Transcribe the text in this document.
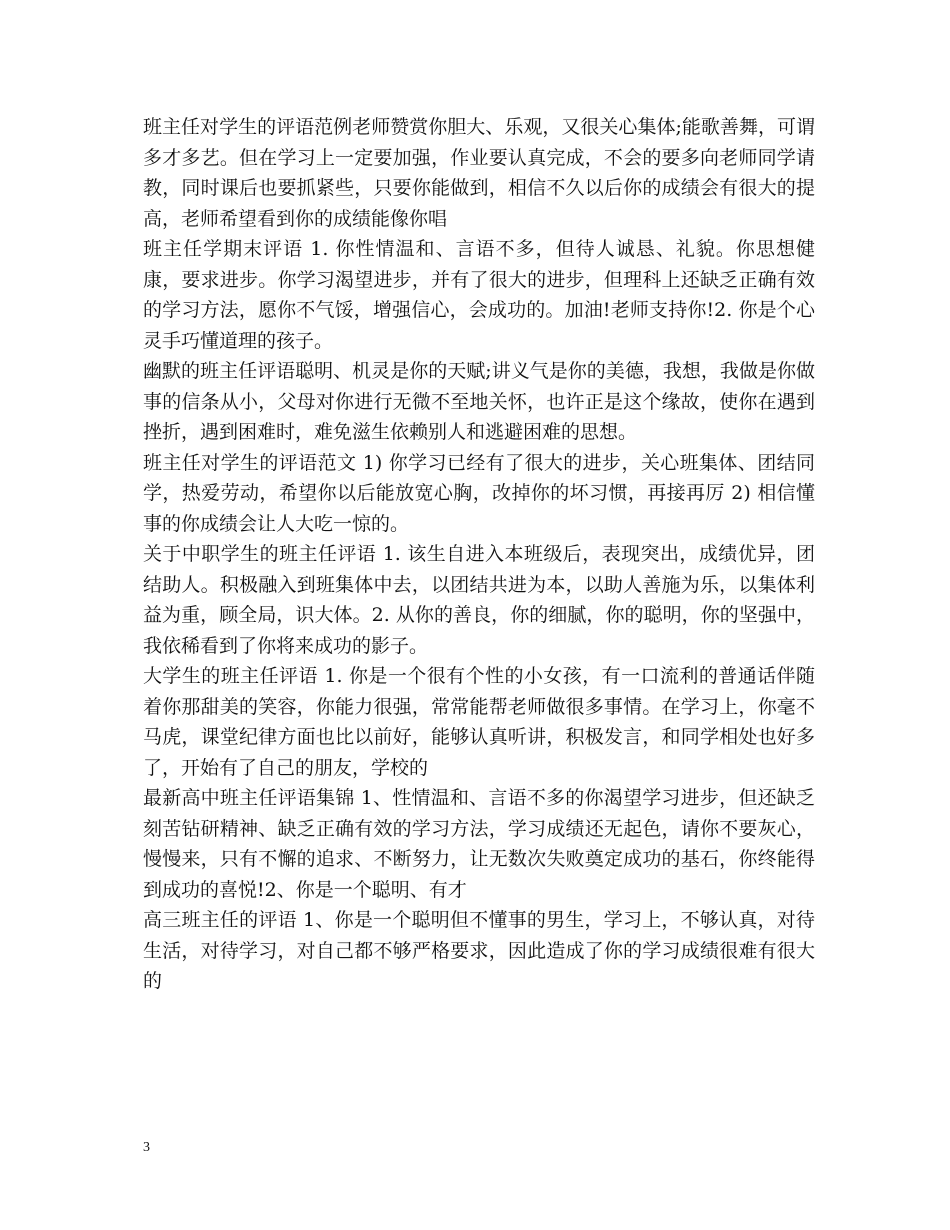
班主任对学生的评语范例老师赞赏你胆大、乐观，又很关心集体;能歌善舞，可谓多才多艺。但在学习上一定要加强，作业要认真完成，不会的要多向老师同学请教，同时课后也要抓紧些，只要你能做到，相信不久以后你的成绩会有很大的提高，老师希望看到你的成绩能像你唱

班主任学期末评语 1. 你性情温和、言语不多，但待人诚恳、礼貌。你思想健康，要求进步。你学习渴望进步，并有了很大的进步，但理科上还缺乏正确有效的学习方法，愿你不气馁，增强信心，会成功的。加油!老师支持你!2. 你是个心灵手巧懂道理的孩子。

幽默的班主任评语聪明、机灵是你的天赋;讲义气是你的美德，我想，我做是你做事的信条从小，父母对你进行无微不至地关怀，也许正是这个缘故，使你在遇到挫折，遇到困难时，难免滋生依赖别人和逃避困难的思想。

班主任对学生的评语范文 1) 你学习已经有了很大的进步，关心班集体、团结同学，热爱劳动，希望你以后能放宽心胸，改掉你的坏习惯，再接再厉 2) 相信懂事的你成绩会让人大吃一惊的。

关于中职学生的班主任评语 1. 该生自进入本班级后，表现突出，成绩优异，团结助人。积极融入到班集体中去，以团结共进为本，以助人善施为乐，以集体利益为重，顾全局，识大体。2. 从你的善良，你的细腻，你的聪明，你的坚强中，我依稀看到了你将来成功的影子。

大学生的班主任评语 1. 你是一个很有个性的小女孩，有一口流利的普通话伴随着你那甜美的笑容，你能力很强，常常能帮老师做很多事情。在学习上，你毫不马虎，课堂纪律方面也比以前好，能够认真听讲，积极发言，和同学相处也好多了，开始有了自己的朋友，学校的

最新高中班主任评语集锦 1、性情温和、言语不多的你渴望学习进步，但还缺乏刻苦钻研精神、缺乏正确有效的学习方法，学习成绩还无起色，请你不要灰心，慢慢来，只有不懈的追求、不断努力，让无数次失败奠定成功的基石，你终能得到成功的喜悦!2、你是一个聪明、有才

高三班主任的评语 1、你是一个聪明但不懂事的男生，学习上，不够认真，对待生活，对待学习，对自己都不够严格要求，因此造成了你的学习成绩很难有很大的

3
